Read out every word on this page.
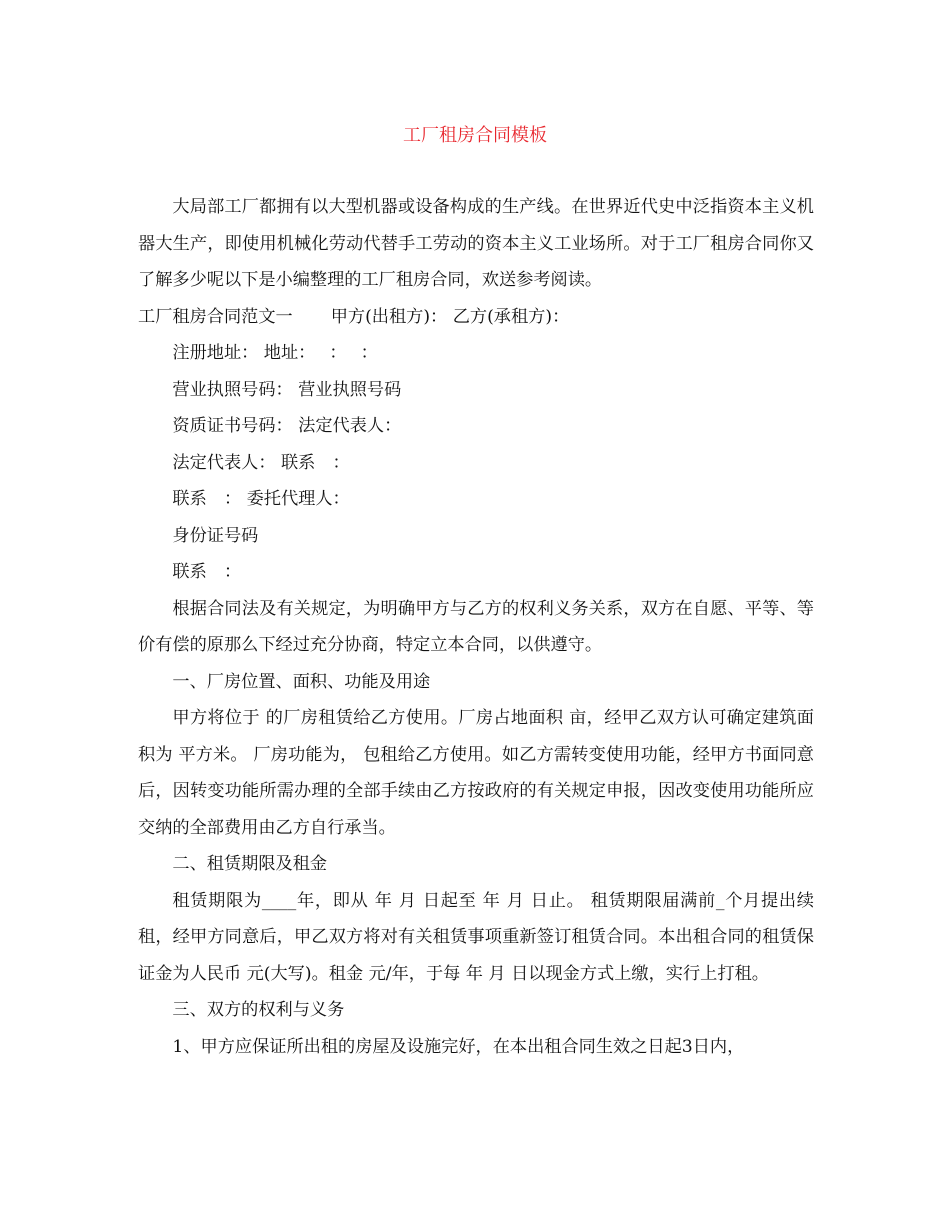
工厂租房合同模板

大局部工厂都拥有以大型机器或设备构成的生产线。在世界近代史中泛指资本主义机器大生产，即使用机械化劳动代替手工劳动的资本主义工业场所。对于工厂租房合同你又了解多少呢以下是小编整理的工厂租房合同，欢送参考阅读。

工厂租房合同范文一 甲方(出租方)： 乙方(承租方)：

注册地址： 地址：　 ：　 ：

营业执照号码： 营业执照号码

资质证书号码： 法定代表人：

法定代表人： 联系　：

联系　： 委托代理人：

身份证号码

联系　：

根据合同法及有关规定，为明确甲方与乙方的权利义务关系，双方在自愿、平等、等价有偿的原那么下经过充分协商，特定立本合同，以供遵守。

一、厂房位置、面积、功能及用途

甲方将位于 的厂房租赁给乙方使用。厂房占地面积 亩，经甲乙双方认可确定建筑面积为 平方米。 厂房功能为， 包租给乙方使用。如乙方需转变使用功能，经甲方书面同意后，因转变功能所需办理的全部手续由乙方按政府的有关规定申报，因改变使用功能所应交纳的全部费用由乙方自行承当。

二、租赁期限及租金

租赁期限为____年，即从 年 月 日起至 年 月 日止。 租赁期限届满前_个月提出续租，经甲方同意后，甲乙双方将对有关租赁事项重新签订租赁合同。本出租合同的租赁保证金为人民币 元(大写)。租金 元/年，于每 年 月 日以现金方式上缴，实行上打租。

三、双方的权利与义务

1、甲方应保证所出租的房屋及设施完好，在本出租合同生效之日起3日内，
